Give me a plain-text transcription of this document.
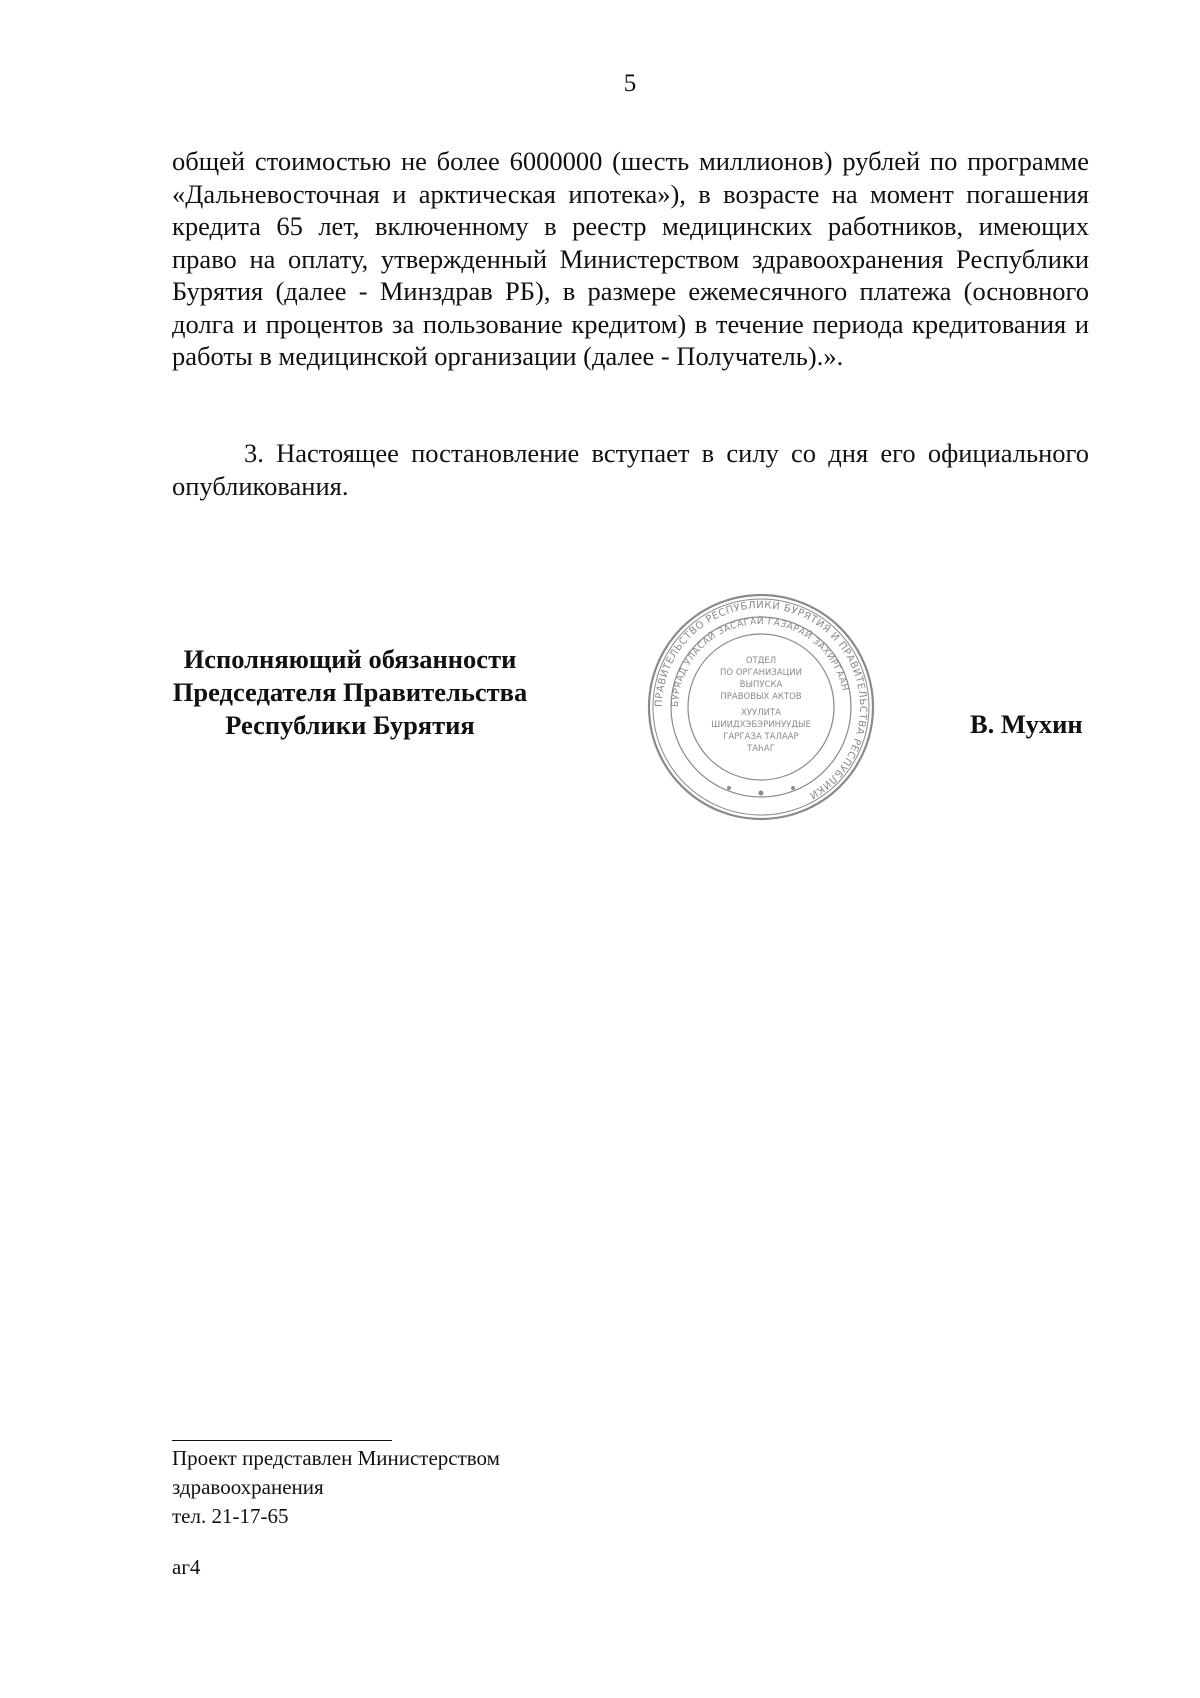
5

общей стоимостью не более 6000000 (шесть миллионов) рублей по программе «Дальневосточная и арктическая ипотека»), в возрасте на момент погашения кредита 65 лет, включенному в реестр медицинских работников, имеющих право на оплату, утвержденный Министерством здравоохранения Республики Бурятия (далее - Минздрав РБ), в размере ежемесячного платежа (основного долга и процентов за пользование кредитом) в течение периода кредитования и работы в медицинской организации (далее - Получатель).».

3. Настоящее постановление вступает в силу со дня его официального опубликования.

Исполняющий обязанности
Председателя Правительства
Республики Бурятия
ПРАВИТЕЛЬСТВО РЕСПУБЛИКИ БУРЯТИЯ И ПРАВИТЕЛЬСТВА РЕСПУБЛИКИ
БУРЯАД УЛАСАЙ ЗАСАГАЙ ГАЗАРАЙ ЗАХИРГААН
ОТДЕЛ
ПО ОРГАНИЗАЦИИ
ВЫПУСКА
ПРАВОВЫХ АКТОВ
ХУУЛИТА
ШИИДХЭБЭРИНУУДЫЕ
ГАРГАЗА ТАЛААР
ТАҺАГ
В. Мухин
Проект представлен Министерством
здравоохранения
тел. 21-17-65
аг4
